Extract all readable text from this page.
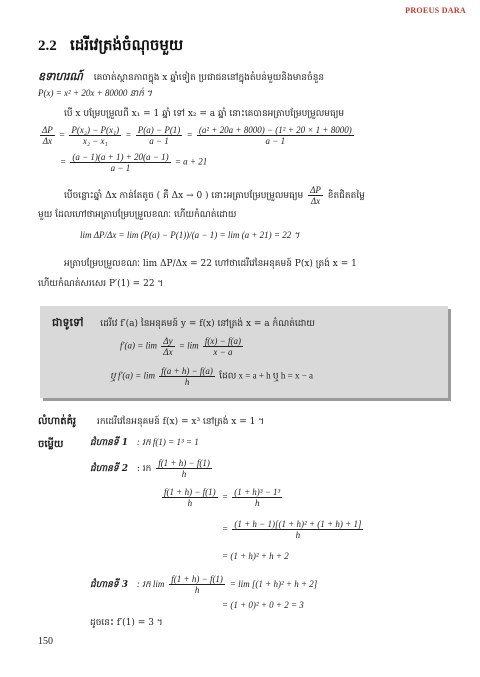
PROEUS DARA
2.2 ដេរីវេត្រង់ចំណុចមួយ
ឧទាហរណ៍ គេចាត់ស្ថានភាពក្នុង x ឆ្នាំទៀត ប្រជាជននៅក្នុងតំបន់មួយនិងមានចំនួន
P(x) = x² + 20x + 80000 នាក់ ។
បើ x បម្រែបម្រួលពី x₁ = 1 ឆ្នាំ ទៅ x₂ = a ឆ្នាំ នោះគេបានអត្រាបម្រែបម្រួលមធ្យម
$\frac{\Delta P}{\Delta x} = \frac{\text{P(x₂) − P(x₁)}}{\text{x₂ − x₁}} = \frac{P(a) - P(1)}{a - 1} = \frac{\text{(a² + 20a + 8000) − (1² + 20 × 1 + 8000)}}{a - 1}$
= $\frac{(a - 1)(a + 1) + 20(a - 1)}{a - 1} = a + 21$
បើចន្លោះឆ្នាំ Δx កាន់តែតូច ( គឺ Δx → 0 ) នោះអត្រាបម្រែបម្រួលមធ្យម $\frac{\Delta P}{\Delta x}$ ខិតជិតតម្លៃ
មួយ ដែលហៅថាអត្រាបម្រែបម្រួលខណៈ ហើយកំណត់ដោយ
lim ΔP/Δx = lim (P(a) − P(1))/(a − 1) = lim (a + 21) = 22 ។
អត្រាបម្រែបម្រួលខណៈ lim ΔP/Δx = 22 ហៅថាដេរីវេនៃអនុគមន៍ P(x) ត្រង់ x = 1
ហើយកំណត់សរសេរ P′(1) = 22 ។
ជាទូទៅ ដេរីវេ f′(a) នៃអនុគមន៍ y = f(x) នៅត្រង់ x = a កំណត់ដោយ
$f'(a) = \lim \frac{\Delta y}{\Delta x} = \lim \frac{f(x) - f(a)}{x - a}$
ឬ $f'(a) = \lim \frac{f(a + h) - f(a)}{h}$ ដែល x = a + h ឬ h = x − a
លំហាត់គំរូ រកដេរីវេនៃអនុគមន៍ f(x) = x³ នៅត្រង់ x = 1 ។
ចម្លើយ	ជំហានទី 1 : រក f(1) = 1³ = 1
ជំហានទី 2 : រក $\frac{f(1 + h) - f(1)}{h}$
$\frac{f(1 + h) - f(1)}{h} = \frac{\text{(1 + h)³ − 1³}}{h}$
= $\frac{\text{(1 + h − 1)[(1 + h)² + (1 + h) + 1]}}{h}$
= (1 + h)² + h + 2
ជំហានទី 3 : រក $\lim \frac{f(1 + h) - f(1)}{h} = \lim [(1 + h)^2 + h + 2]$
= (1 + 0)² + 0 + 2 = 3
ដូចនេះ f′(1) = 3 ។
150
